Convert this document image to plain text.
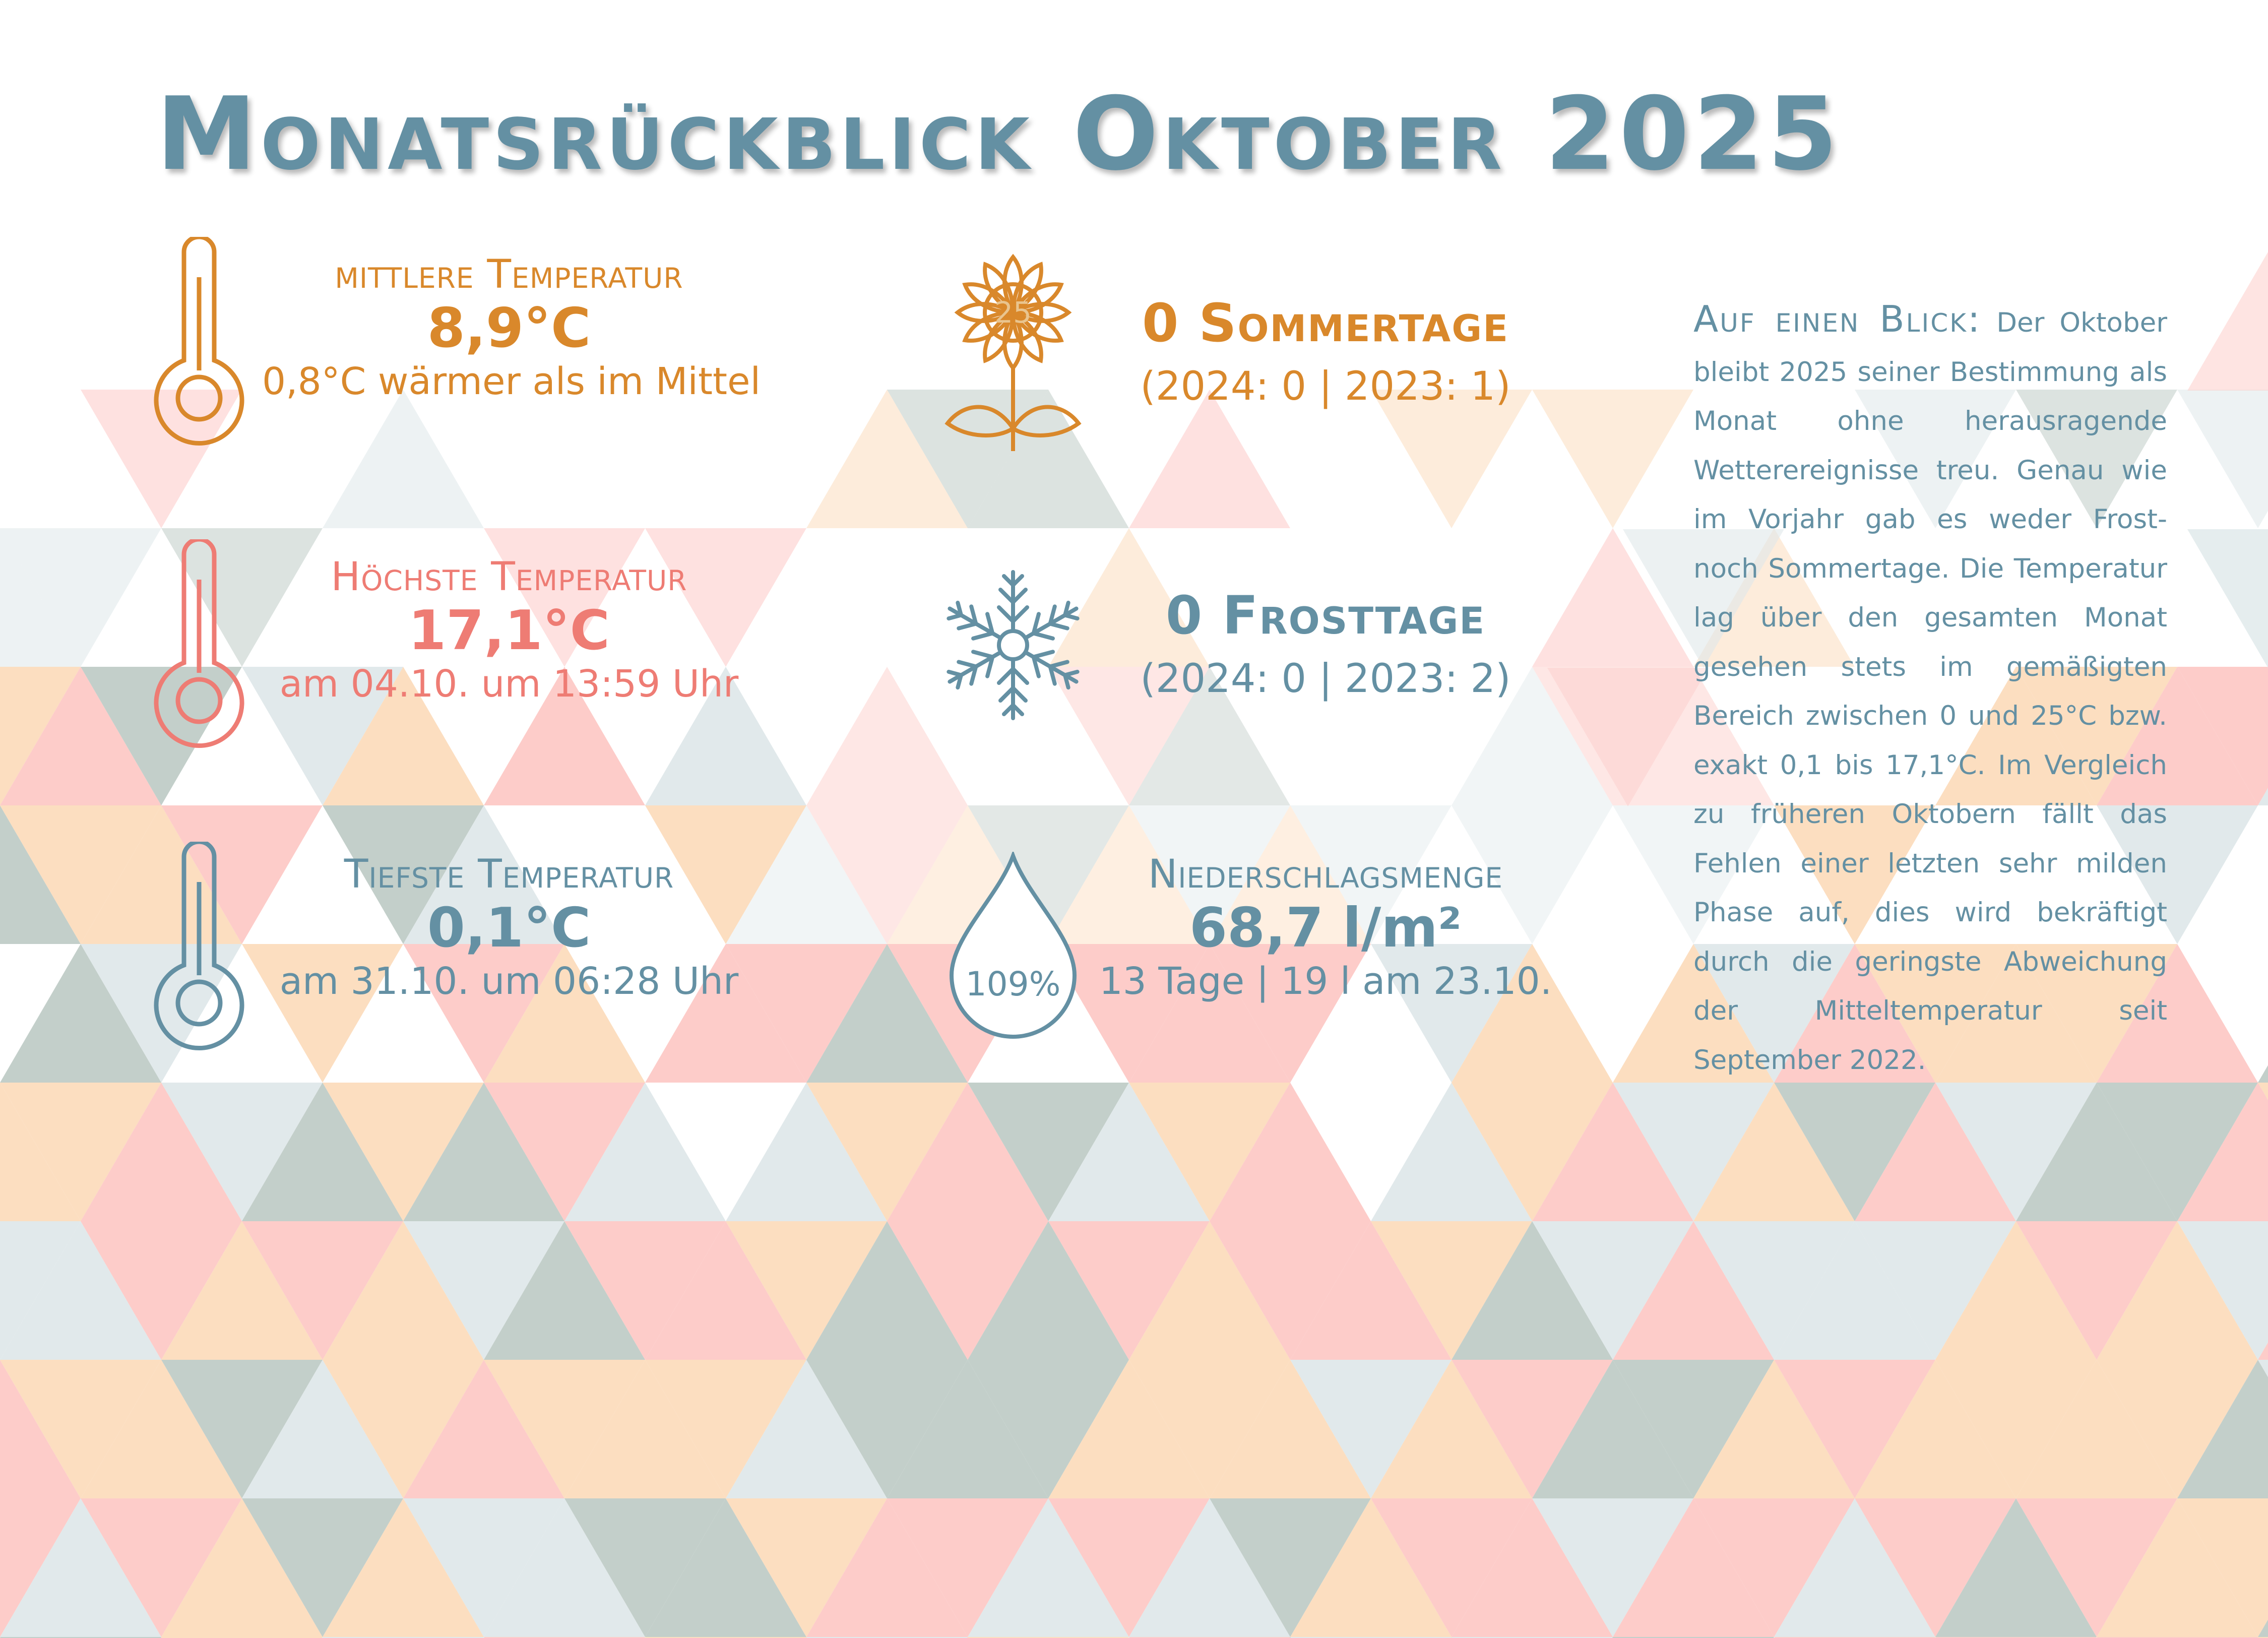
Monatsrückblick Oktober 2025
mittlere Temperatur
8,9°C
0,8°C wärmer als im Mittel
Höchste Temperatur
17,1°C
am 04.10. um 13:59 Uhr
Tiefste Temperatur
0,1°C
am 31.10. um 06:28 Uhr
25	0 Sommertage
(2024: 0 | 2023: 1)
0 Frosttage
(2024: 0 | 2023: 2)
109%
Niederschlagsmenge
68,7 l/m²
13 Tage | 19 l am 23.10.
Auf einen Blick: Der Oktober bleibt 2025 seiner Bestimmung als Monat ohne herausragende Wetterereignisse treu. Genau wie im Vorjahr gab es weder Frost- noch Sommertage. Die Temperatur lag über den gesamten Monat gesehen stets im gemäßigten Bereich zwischen 0 und 25°C bzw. exakt 0,1 bis 17,1°C. Im Vergleich zu früheren Oktobern fällt das Fehlen einer letzten sehr milden Phase auf, dies wird bekräftigt durch die geringste Abweichung der Mitteltemperatur seit September 2022.
